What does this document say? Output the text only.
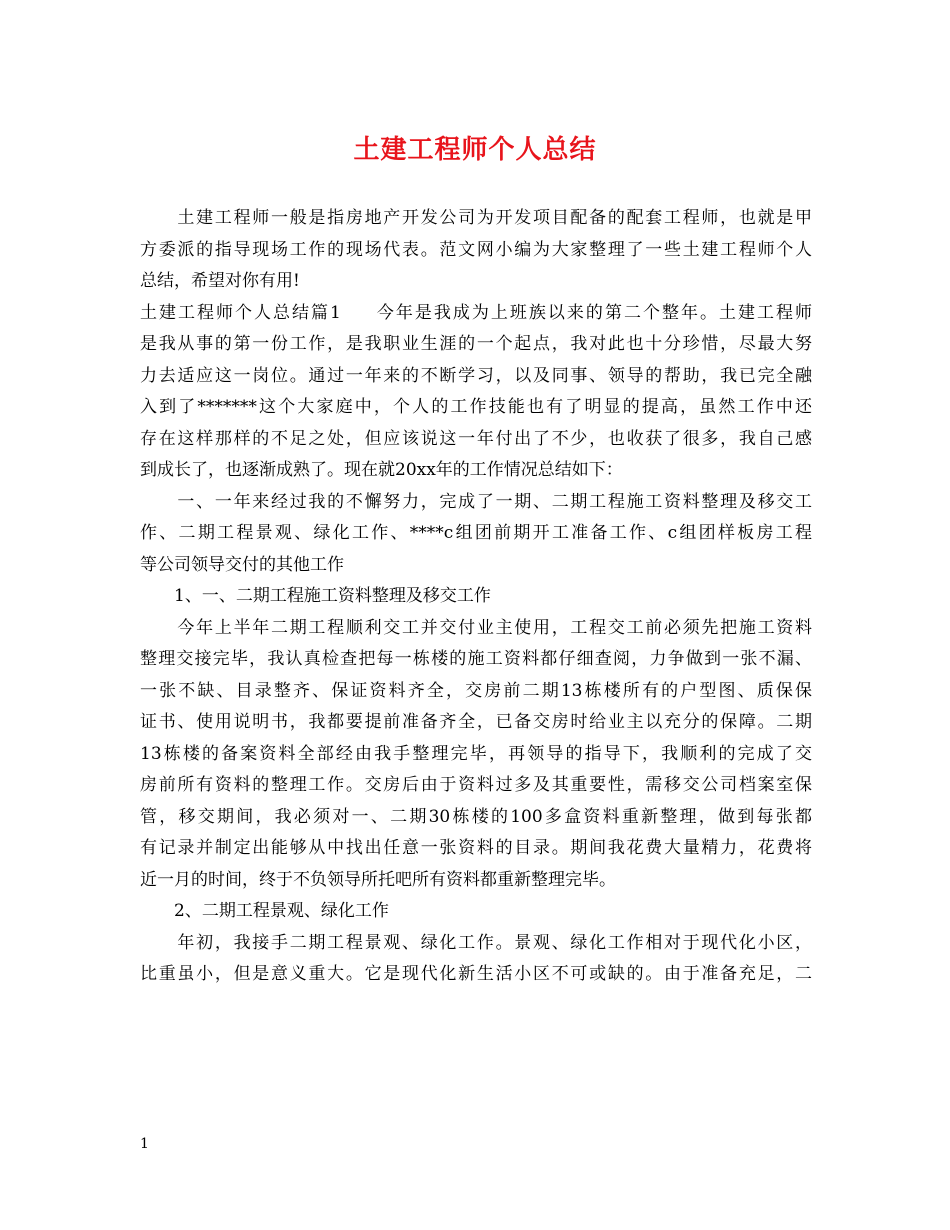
土建工程师个人总结
　　土建工程师一般是指房地产开发公司为开发项目配备的配套工程师，也就是甲
方委派的指导现场工作的现场代表。范文网小编为大家整理了一些土建工程师个人
总结，希望对你有用!
土建工程师个人总结篇1 今年是我成为上班族以来的第二个整年。土建工程师
是我从事的第一份工作，是我职业生涯的一个起点，我对此也十分珍惜，尽最大努
力去适应这一岗位。通过一年来的不断学习，以及同事、领导的帮助，我已完全融
入到了*******这个大家庭中，个人的工作技能也有了明显的提高，虽然工作中还
存在这样那样的不足之处，但应该说这一年付出了不少，也收获了很多，我自己感
到成长了，也逐渐成熟了。现在就20xx年的工作情况总结如下：
　　一、一年来经过我的不懈努力，完成了一期、二期工程施工资料整理及移交工
作、二期工程景观、绿化工作、****c组团前期开工准备工作、c组团样板房工程
等公司领导交付的其他工作
　　1、一、二期工程施工资料整理及移交工作
　　今年上半年二期工程顺利交工并交付业主使用，工程交工前必须先把施工资料
整理交接完毕，我认真检查把每一栋楼的施工资料都仔细查阅，力争做到一张不漏、
一张不缺、目录整齐、保证资料齐全，交房前二期13栋楼所有的户型图、质保保
证书、使用说明书，我都要提前准备齐全，已备交房时给业主以充分的保障。二期
13栋楼的备案资料全部经由我手整理完毕，再领导的指导下，我顺利的完成了交
房前所有资料的整理工作。交房后由于资料过多及其重要性，需移交公司档案室保
管，移交期间，我必须对一、二期30栋楼的100多盒资料重新整理，做到每张都
有记录并制定出能够从中找出任意一张资料的目录。期间我花费大量精力，花费将
近一月的时间，终于不负领导所托吧所有资料都重新整理完毕。
　　2、二期工程景观、绿化工作
　　年初，我接手二期工程景观、绿化工作。景观、绿化工作相对于现代化小区，
比重虽小，但是意义重大。它是现代化新生活小区不可或缺的。由于准备充足，二
1
